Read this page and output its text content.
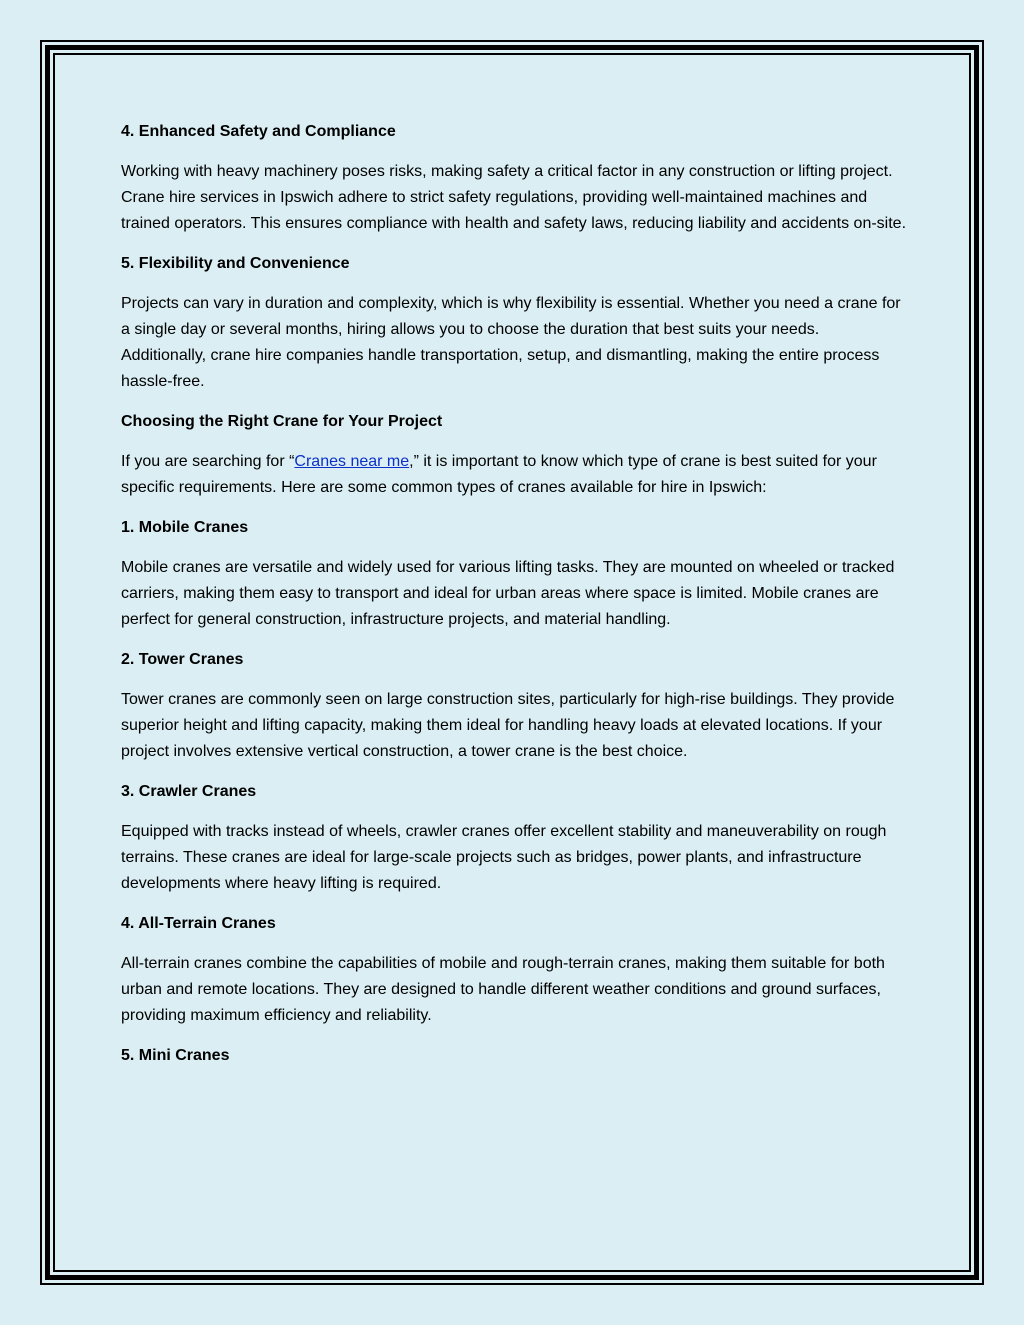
4. Enhanced Safety and Compliance

Working with heavy machinery poses risks, making safety a critical factor in any construction or lifting project. Crane hire services in Ipswich adhere to strict safety regulations, providing well-maintained machines and trained operators. This ensures compliance with health and safety laws, reducing liability and accidents on-site.

5. Flexibility and Convenience

Projects can vary in duration and complexity, which is why flexibility is essential. Whether you need a crane for a single day or several months, hiring allows you to choose the duration that best suits your needs. Additionally, crane hire companies handle transportation, setup, and dismantling, making the entire process hassle-free.

Choosing the Right Crane for Your Project

If you are searching for “Cranes near me,” it is important to know which type of crane is best suited for your specific requirements. Here are some common types of cranes available for hire in Ipswich:

1. Mobile Cranes

Mobile cranes are versatile and widely used for various lifting tasks. They are mounted on wheeled or tracked carriers, making them easy to transport and ideal for urban areas where space is limited. Mobile cranes are perfect for general construction, infrastructure projects, and material handling.

2. Tower Cranes

Tower cranes are commonly seen on large construction sites, particularly for high-rise buildings. They provide superior height and lifting capacity, making them ideal for handling heavy loads at elevated locations. If your project involves extensive vertical construction, a tower crane is the best choice.

3. Crawler Cranes

Equipped with tracks instead of wheels, crawler cranes offer excellent stability and maneuverability on rough terrains. These cranes are ideal for large-scale projects such as bridges, power plants, and infrastructure developments where heavy lifting is required.

4. All-Terrain Cranes

All-terrain cranes combine the capabilities of mobile and rough-terrain cranes, making them suitable for both urban and remote locations. They are designed to handle different weather conditions and ground surfaces, providing maximum efficiency and reliability.

5. Mini Cranes
